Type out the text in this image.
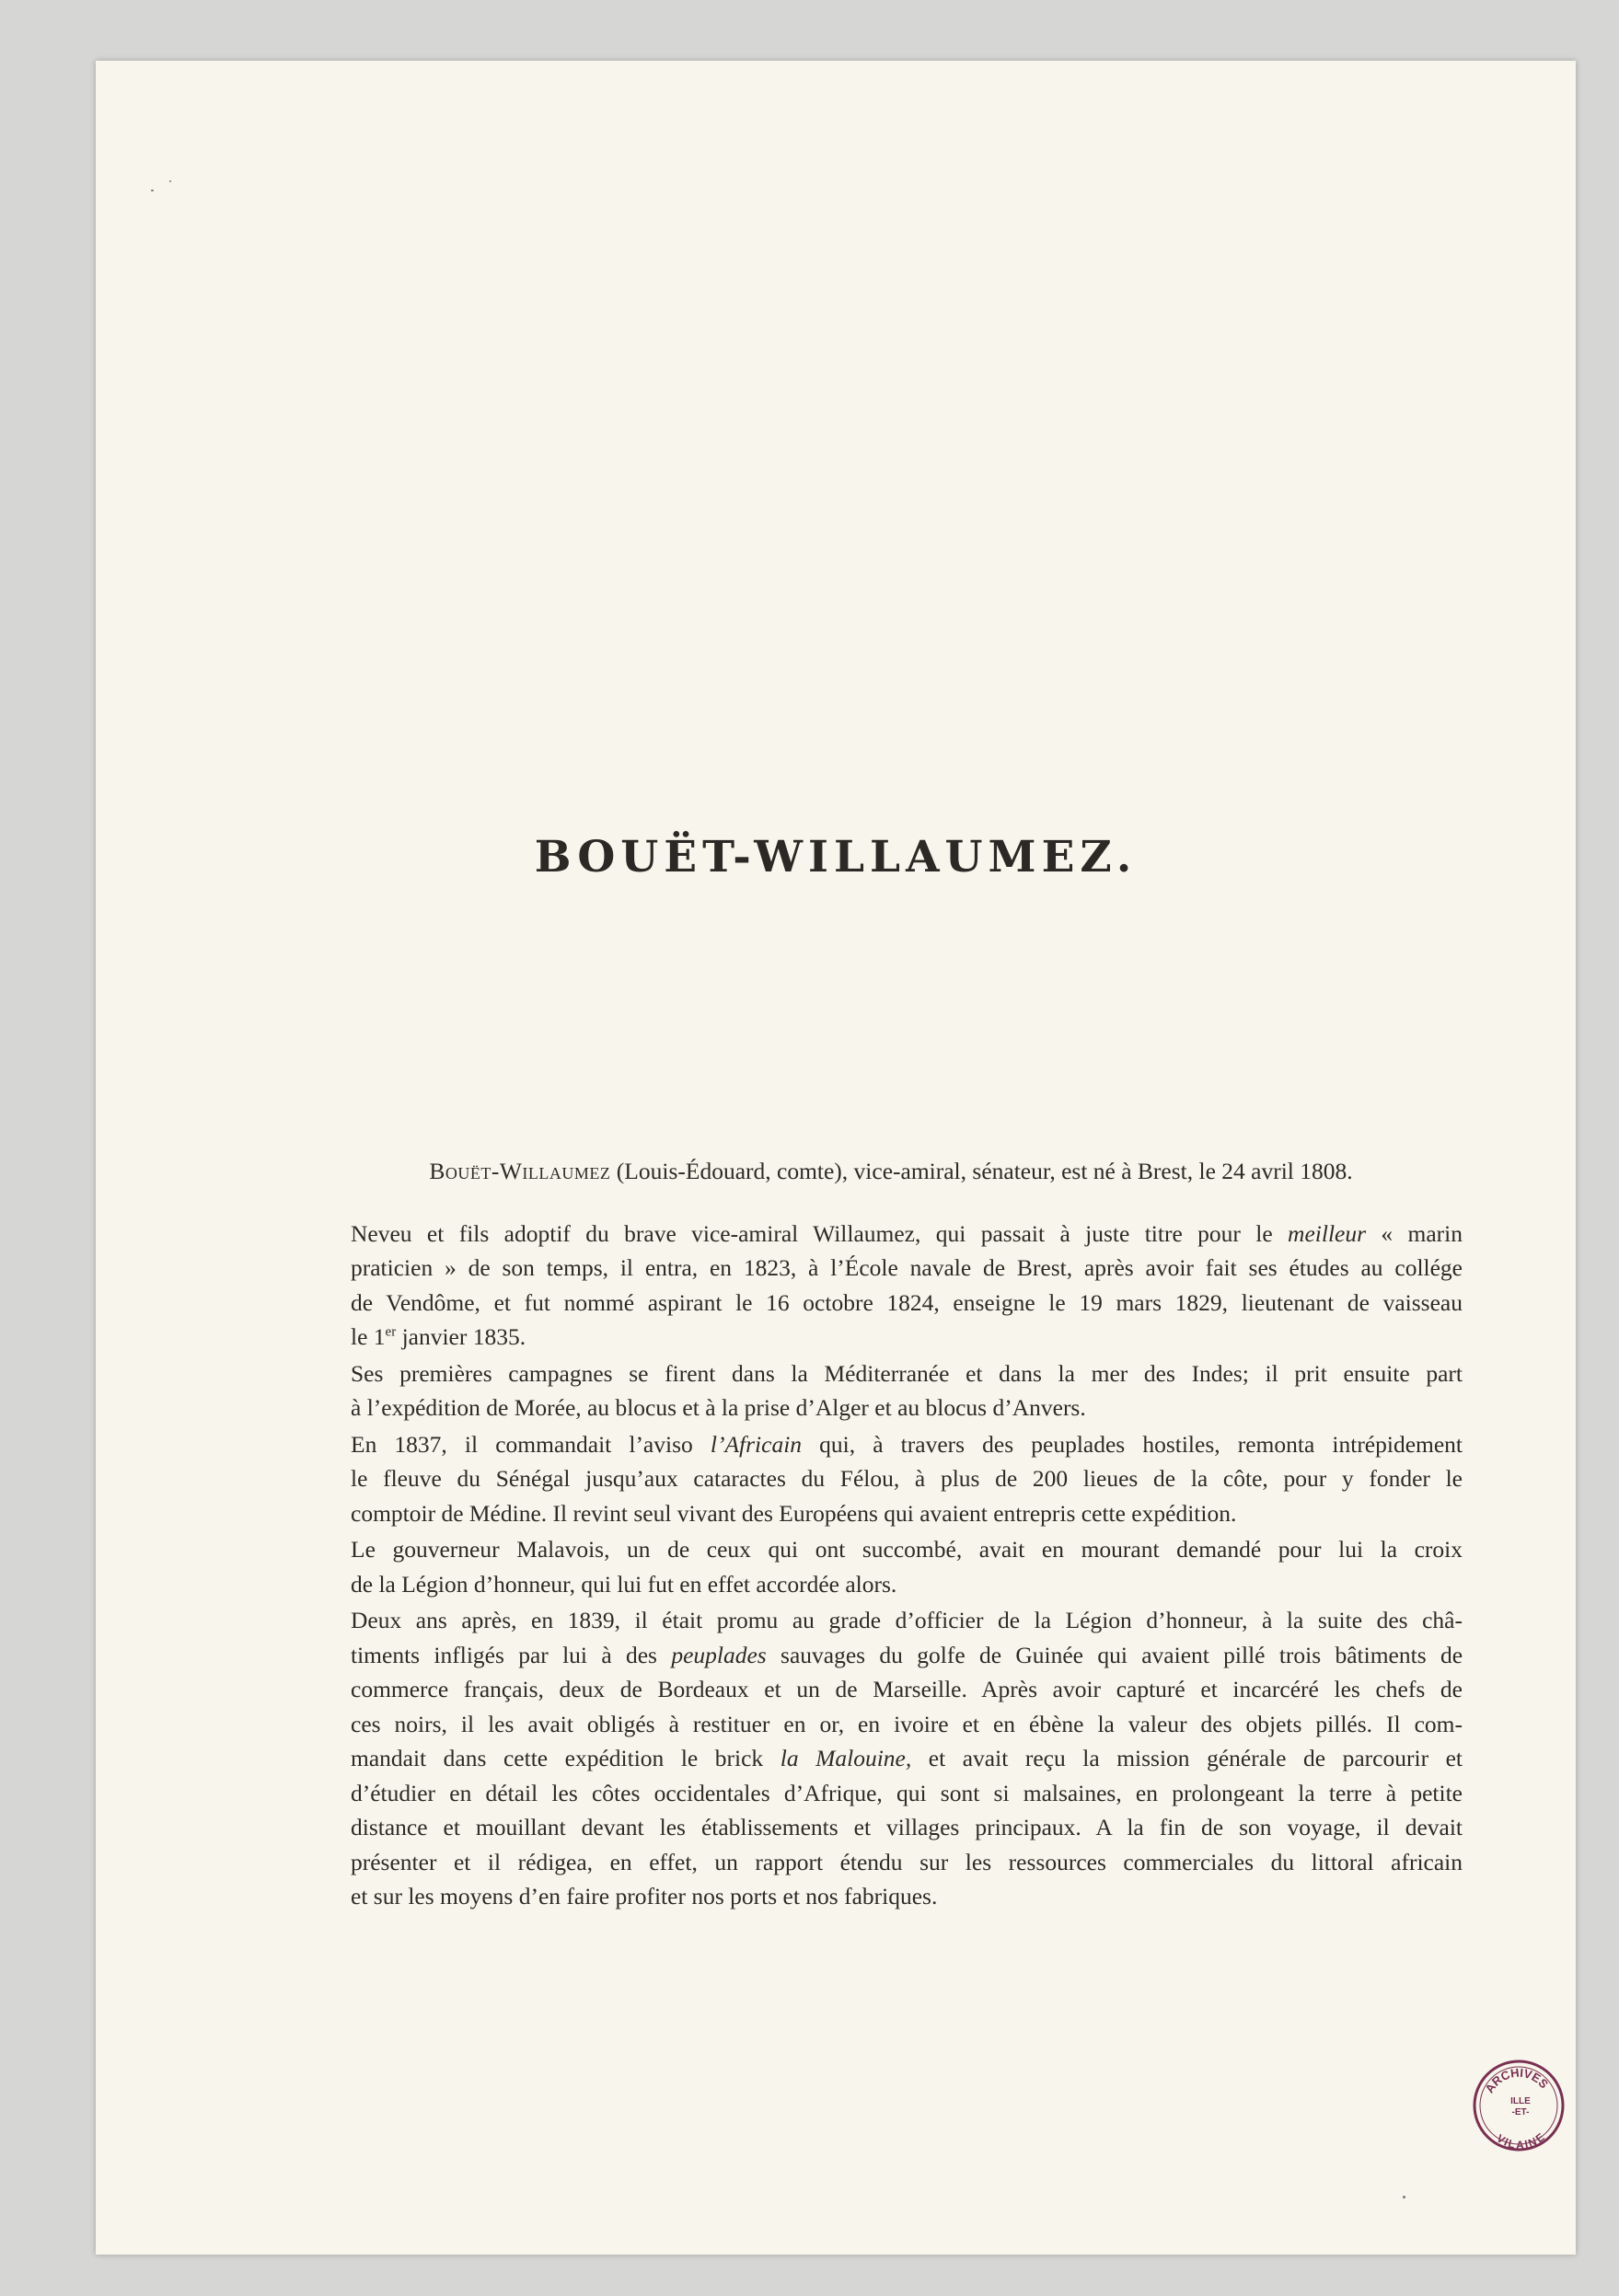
BOUËT-WILLAUMEZ.

Bouët-Willaumez (Louis-Édouard, comte), vice-amiral, sénateur, est né à Brest, le 24 avril 1808.

Neveu et fils adoptif du brave vice-amiral Willaumez, qui passait à juste titre pour le meilleur « marin
praticien » de son temps, il entra, en 1823, à l’École navale de Brest, après avoir fait ses études au collége
de Vendôme, et fut nommé aspirant le 16 octobre 1824, enseigne le 19 mars 1829, lieutenant de vaisseau
le 1er janvier 1835.

Ses premières campagnes se firent dans la Méditerranée et dans la mer des Indes; il prit ensuite part
à l’expédition de Morée, au blocus et à la prise d’Alger et au blocus d’Anvers.

En 1837, il commandait l’aviso l’Africain qui, à travers des peuplades hostiles, remonta intrépidement
le fleuve du Sénégal jusqu’aux cataractes du Félou, à plus de 200 lieues de la côte, pour y fonder le
comptoir de Médine. Il revint seul vivant des Européens qui avaient entrepris cette expédition.

Le gouverneur Malavois, un de ceux qui ont succombé, avait en mourant demandé pour lui la croix
de la Légion d’honneur, qui lui fut en effet accordée alors.

Deux ans après, en 1839, il était promu au grade d’officier de la Légion d’honneur, à la suite des châ-
timents infligés par lui à des peuplades sauvages du golfe de Guinée qui avaient pillé trois bâtiments de
commerce français, deux de Bordeaux et un de Marseille. Après avoir capturé et incarcéré les chefs de
ces noirs, il les avait obligés à restituer en or, en ivoire et en ébène la valeur des objets pillés. Il com-
mandait dans cette expédition le brick la Malouine, et avait reçu la mission générale de parcourir et
d’étudier en détail les côtes occidentales d’Afrique, qui sont si malsaines, en prolongeant la terre à petite
distance et mouillant devant les établissements et villages principaux. A la fin de son voyage, il devait
présenter et il rédigea, en effet, un rapport étendu sur les ressources commerciales du littoral africain
et sur les moyens d’en faire profiter nos ports et nos fabriques.

ARCHIVES
ILLE
-ET-
VILAINE
